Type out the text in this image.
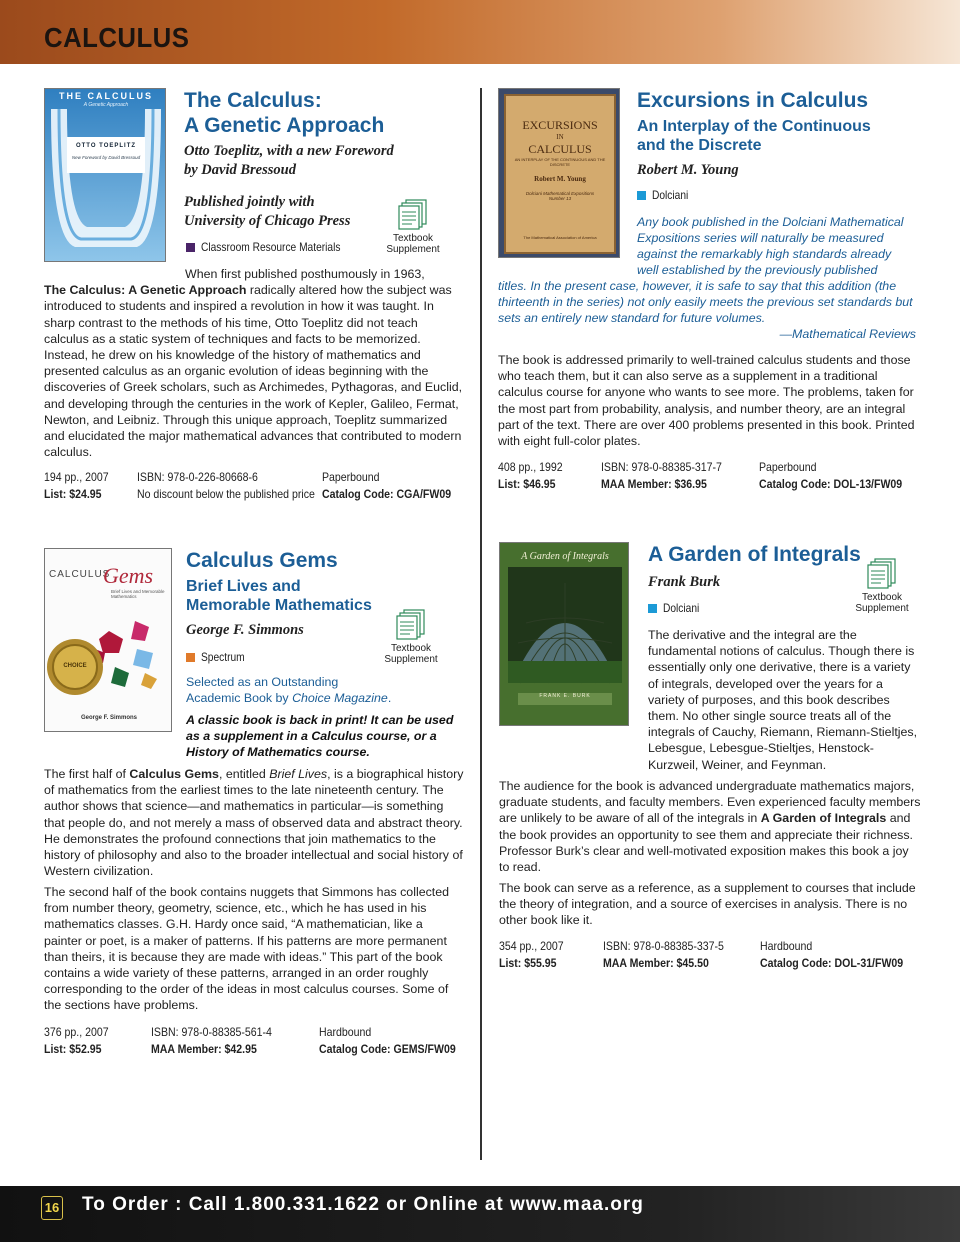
CALCULUS
THE CALCULUS
A Genetic Approach
OTTO TOEPLITZ
New Foreword by David Bressoud
The Calculus:
A Genetic Approach
Otto Toeplitz, with a new Foreword
by David Bressoud
Published jointly with
University of Chicago Press
Classroom Resource Materials
Textbook
Supplement
When first published posthumously in 1963,
The Calculus: A Genetic Approach radically altered how the subject was introduced to students and inspired a revolution in how it was taught. In sharp contrast to the methods of his time, Otto Toeplitz did not teach calculus as a static system of techniques and facts to be memorized. Instead, he drew on his knowledge of the history of mathematics and presented calculus as an organic evolution of ideas beginning with the discoveries of Greek scholars, such as Archimedes, Pythagoras, and Euclid, and developing through the centuries in the work of Kepler, Galileo, Fermat, Newton, and Leibniz. Through this unique approach, Toeplitz summarized and elucidated the major mathematical advances that contributed to modern calculus.
194 pp., 2007 ISBN: 978-0-226-80668-6	Paperbound
List: $24.95	No discount below the published price Catalog Code: CGA/FW09
EXCURSIONS
IN
CALCULUS
AN INTERPLAY OF THE CONTINUOUS AND THE DISCRETE
Robert M. Young
Dolciani Mathematical Expositions Number 13
The Mathematical Association of America
Excursions in Calculus
An Interplay of the Continuous
and the Discrete
Robert M. Young
Dolciani
Any book published in the Dolciani Mathematical
Expositions series will naturally be measured
against the remarkably high standards already
well established by the previously published
titles. In the present case, however, it is safe to say that this addition (the thirteenth in the series) not only easily meets the previous set standards but sets an entirely new standard for future volumes.
—Mathematical Reviews
The book is addressed primarily to well-trained calculus students and those who teach them, but it can also serve as a supplement in a traditional calculus course for anyone who wants to see more. The problems, taken for the most part from probability, analysis, and number theory, are an integral part of the text. There are over 400 problems presented in this book. Printed with eight full-color plates.
408 pp., 1992	ISBN: 978-0-88385-317-7	Paperbound
List: $46.95	MAA Member: $36.95	Catalog Code: DOL-13/FW09
CALCULUS
Gems
Brief Lives and Memorable Mathematics
CHOICE
George F. Simmons
Calculus Gems
Brief Lives and
Memorable Mathematics
George F. Simmons
Spectrum
Textbook
Supplement
Selected as an Outstanding
Academic Book by Choice Magazine.
A classic book is back in print! It can be used
as a supplement in a Calculus course, or a
History of Mathematics course.
The first half of Calculus Gems, entitled Brief Lives, is a biographical history of mathematics from the earliest times to the late nineteenth century. The author shows that science—and mathematics in particular—is something that people do, and not merely a mass of observed data and abstract theory. He demonstrates the profound connections that join mathematics to the history of philosophy and also to the broader intellectual and social history of Western civilization.
The second half of the book contains nuggets that Simmons has collected from number theory, geometry, science, etc., which he has used in his mathematics classes. G.H. Hardy once said, “A mathematician, like a painter or poet, is a maker of patterns. If his patterns are more permanent than theirs, it is because they are made with ideas.” This part of the book contains a wide variety of these patterns, arranged in an order roughly corresponding to the order of the ideas in most calculus courses. Some of the sections have problems.
376 pp., 2007	ISBN: 978-0-88385-561-4	Hardbound
List: $52.95	MAA Member: $42.95	Catalog Code: GEMS/FW09
A Garden of Integrals
FRANK E. BURK
A Garden of Integrals
Frank Burk
Dolciani
Textbook
Supplement
The derivative and the integral are the fundamental notions of calculus. Though there is essentially only one derivative, there is a variety of integrals, developed over the years for a variety of purposes, and this book describes them. No other single source treats all of the integrals of Cauchy, Riemann, Riemann-Stieltjes, Lebesgue, Lebesgue-Stieltjes, Henstock-Kurzweil, Weiner, and Feynman.
The audience for the book is advanced undergraduate mathematics majors, graduate students, and faculty members. Even experienced faculty members are unlikely to be aware of all of the integrals in A Garden of Integrals and the book provides an opportunity to see them and appreciate their richness. Professor Burk’s clear and well-motivated exposition makes this book a joy to read.
The book can serve as a reference, as a supplement to courses that include the theory of integration, and a source of exercises in analysis. There is no other book like it.
354 pp., 2007	ISBN: 978-0-88385-337-5	Hardbound
List: $55.95	MAA Member: $45.50	Catalog Code: DOL-31/FW09
16 To Order : Call 1.800.331.1622 or Online at www.maa.org
